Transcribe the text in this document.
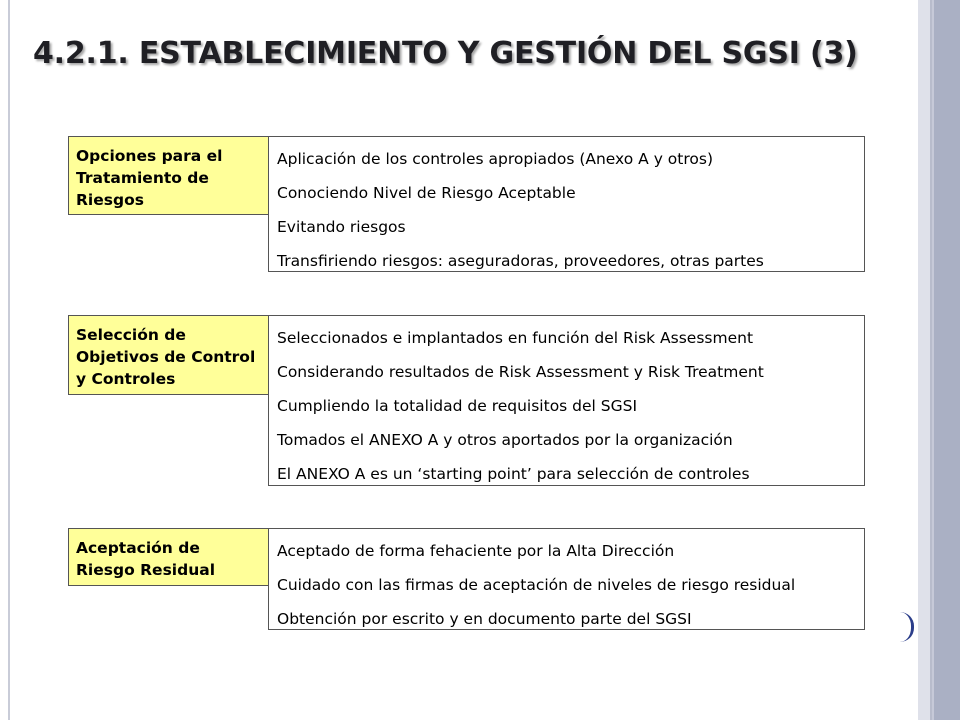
4.2.1. ESTABLECIMIENTO Y GESTIÓN DEL SGSI (3)
Opciones para el Tratamiento de Riesgos
Aplicación de los controles apropiados (Anexo A y otros)
Conociendo Nivel de Riesgo Aceptable
Evitando riesgos
Transfiriendo riesgos: aseguradoras, proveedores, otras partes
Selección de Objetivos de Control y Controles
Seleccionados e implantados en función del Risk Assessment
Considerando resultados de Risk Assessment y Risk Treatment
Cumpliendo la totalidad de requisitos del SGSI
Tomados el ANEXO A y otros aportados por la organización
El ANEXO A es un ‘starting point’ para selección de controles
Aceptación de Riesgo Residual
Aceptado de forma fehaciente por la Alta Dirección
Cuidado con las firmas de aceptación de niveles de riesgo residual
Obtención por escrito y en documento parte del SGSI
